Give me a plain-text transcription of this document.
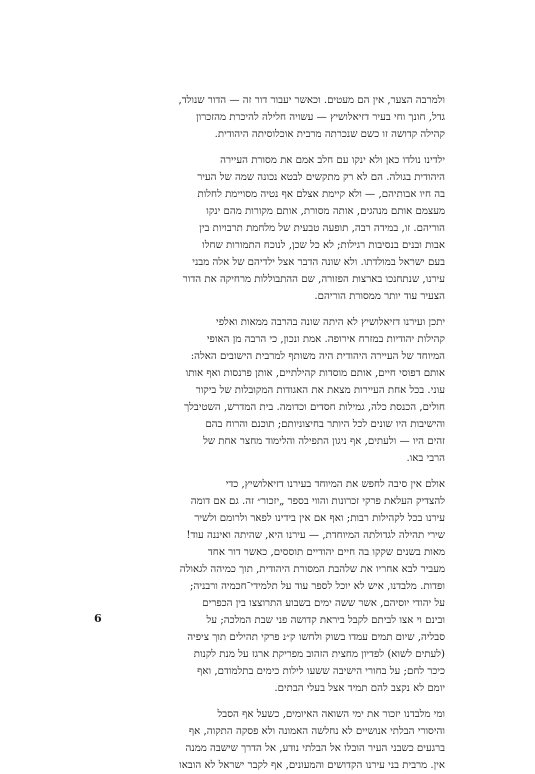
ולמרבה הצער, אין הם מעטים. וכאשר יעבור דור זה — הדור שנולד,
גדל, חונך וחי בעיר דזיאלושיץ — עשויה חלילה להיכרת מהזכרון
קהילה קדושה זו כשם שנכרתה מרבית אוכלוסיתה היהודית.
ילדינו נולדו כאן ולא ינקו עם חלב אמם את מסורת העיירה
היהודית בגולה. הם לא רק מתקשים לבטא נכונה שמה של העיר
בה חיו אבותיהם, — ולא קיימת אצלם אף נטיה מסויימת לחלות
מעצמם אותם מנהגים, אותה מסורת, אותם מקורות מהם ינקו
הוריהם. זו, במידה רבה, תופעה טבעית של מלחמת תרבויות בין
אבות ובנים בנסיבות רגילות; לא כל שכן, לנוכח התמורות שחלו
בעם ישראל במולדתו. ולא שונה הדבר אצל ילדיהם של אלה מבני
עירנו, שנתחנכו בארצות הפזורה, שם ההתבוללות מרחיקה את הדור
הצעיר עוד יותר ממסורת הוריהם.
יתכן ועירנו דזיאלושיץ לא היתה שונה בהרבה ממאות ואלפי
קהילות יהודיות במזרח אירופה. אמת ונכון, כי הרבה מן האופי
המיוחד של העיירה היהודית היה משותף למרבית הישובים האלה:
אותם דפוסי חיים, אותם מוסדות קהילתיים, אותן פרנסות ואף אותו
עוני. בכל אחת העיירות מצאת את האגודות המקובלות של ביקור
חולים, הכנסת כלה, גמילות חסדים וכדומה. בית המדרש, השטיבלך
והישיבות היו שונים לכל היותר בחיצוניותם; תוכנם והרוח בהם
זהים היו — ולעתים, אף ניגון התפילה והלימוד מחצר אחת של
הרבי באו.
אולם אין סיבה לחפש את המיוחד בעירנו דזיאלושיץ, כדי
להצדיק העלאת פרקי זכרונות והווי בספר „יזכור״ זה. גם אם דומה
עירנו בכל לקהילות רבות; ואף אם אין בידינו לפאר ולרומם ולשיר
שירי תהילה לגדולתה המיוחדת, — עירנו היא, שהיתה ואיננה עוד!
מאות בשנים שקקו בה חיים יהודיים תוססים, כאשר דור אחד
מעביר לבא אחריו את שלהבת המסורת היהודית, תוך כמיהה לגאולה
ופדות. מלבדנו, איש לא יוכל לספר עוד על תלמידי־חכמיה ורבניה;
על יהודי יוסיהם, אשר ששה ימים בשבוע התרוצצו בין הכפרים
ובינם וי אצו לביתם לקבל ביראת קדושה פני שבת המלכה; על
סבליה, שיום תמים עמדו בשוק ולחשו ק״נ פרקי תהילים תוך ציפיה
(לעתים לשוא) לפדיון מחצית הזהוב מפריקת ארגז על מנת לקנות
כיכר לחם; על בחורי הישיבה ששעו לילות כימים בתלמודם, ואף
יומם לא נקצב להם תמיד אצל בעלי הבתים.
ומי מלבדנו יזכור את ימי השואה האיומים, כשעל אף הסבל
והיסורי הבלתי אנושיים לא נחלשה האמונה ולא פסקה התקוה, אף
ברגעים כשבני העיר הובלו אל הבלתי נודע, אל הדרך שישבה ממנה
אין. מרבית בני עירנו הקדושים והמעונים, אף לקבר ישראל לא הובאו
6
